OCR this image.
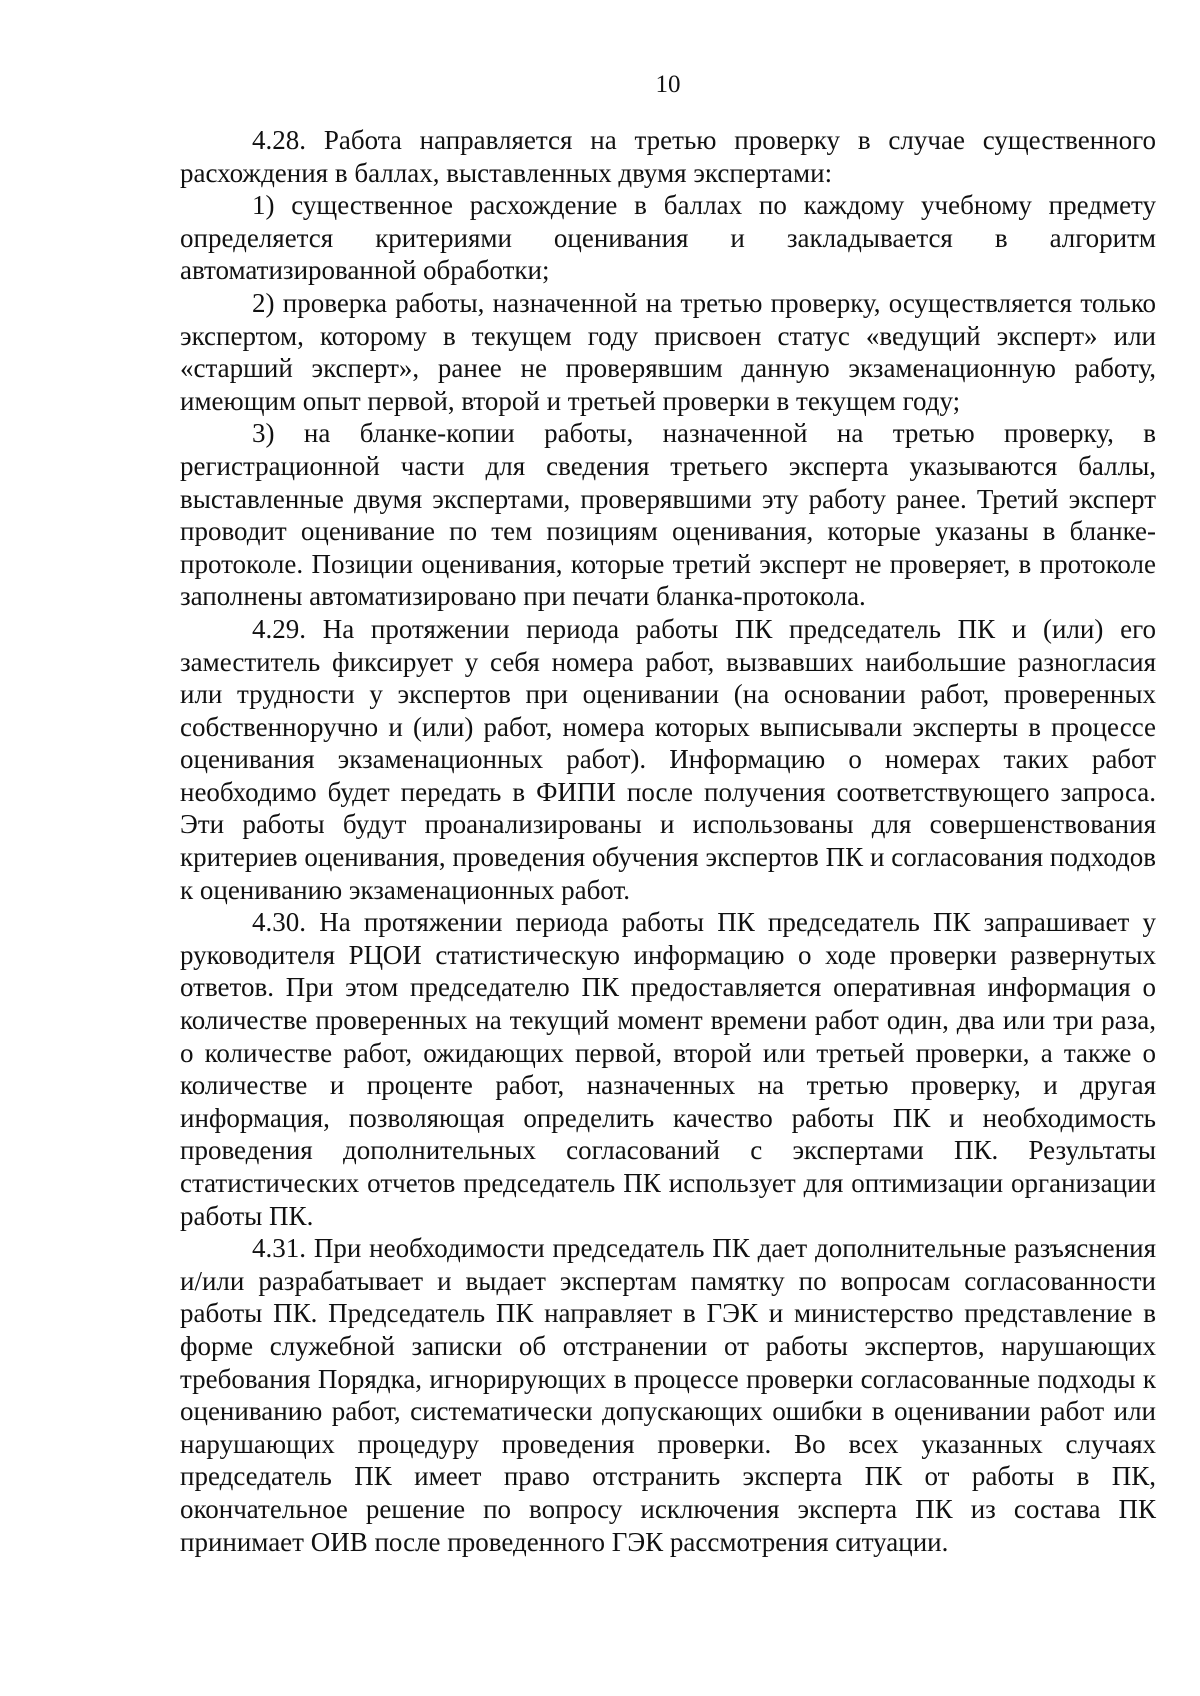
10

4.28. Работа направляется на третью проверку в случае существенного расхождения в баллах, выставленных двумя экспертами:

1) существенное расхождение в баллах по каждому учебному предмету определяется критериями оценивания и закладывается в алгоритм автоматизированной обработки;

2) проверка работы, назначенной на третью проверку, осуществляется только экспертом, которому в текущем году присвоен статус «ведущий эксперт» или «старший эксперт», ранее не проверявшим данную экзаменационную работу, имеющим опыт первой, второй и третьей проверки в текущем году;

3) на бланке-копии работы, назначенной на третью проверку, в регистрационной части для сведения третьего эксперта указываются баллы, выставленные двумя экспертами, проверявшими эту работу ранее. Третий эксперт проводит оценивание по тем позициям оценивания, которые указаны в бланке-протоколе. Позиции оценивания, которые третий эксперт не проверяет, в протоколе заполнены автоматизировано при печати бланка-протокола.

4.29. На протяжении периода работы ПК председатель ПК и (или) его заместитель фиксирует у себя номера работ, вызвавших наибольшие разногласия или трудности у экспертов при оценивании (на основании работ, проверенных собственноручно и (или) работ, номера которых выписывали эксперты в процессе оценивания экзаменационных работ). Информацию о номерах таких работ необходимо будет передать в ФИПИ после получения соответствующего запроса. Эти работы будут проанализированы и использованы для совершенствования критериев оценивания, проведения обучения экспертов ПК и согласования подходов к оцениванию экзаменационных работ.

4.30. На протяжении периода работы ПК председатель ПК запрашивает у руководителя РЦОИ статистическую информацию о ходе проверки развернутых ответов. При этом председателю ПК предоставляется оперативная информация о количестве проверенных на текущий момент времени работ один, два или три раза, о количестве работ, ожидающих первой, второй или третьей проверки, а также о количестве и проценте работ, назначенных на третью проверку, и другая информация, позволяющая определить качество работы ПК и необходимость проведения дополнительных согласований с экспертами ПК. Результаты статистических отчетов председатель ПК использует для оптимизации организации работы ПК.

4.31. При необходимости председатель ПК дает дополнительные разъяснения и/или разрабатывает и выдает экспертам памятку по вопросам согласованности работы ПК. Председатель ПК направляет в ГЭК и министерство представление в форме служебной записки об отстранении от работы экспертов, нарушающих требования Порядка, игнорирующих в процессе проверки согласованные подходы к оцениванию работ, систематически допускающих ошибки в оценивании работ или нарушающих процедуру проведения проверки. Во всех указанных случаях председатель ПК имеет право отстранить эксперта ПК от работы в ПК, окончательное решение по вопросу исключения эксперта ПК из состава ПК принимает ОИВ после проведенного ГЭК рассмотрения ситуации.
